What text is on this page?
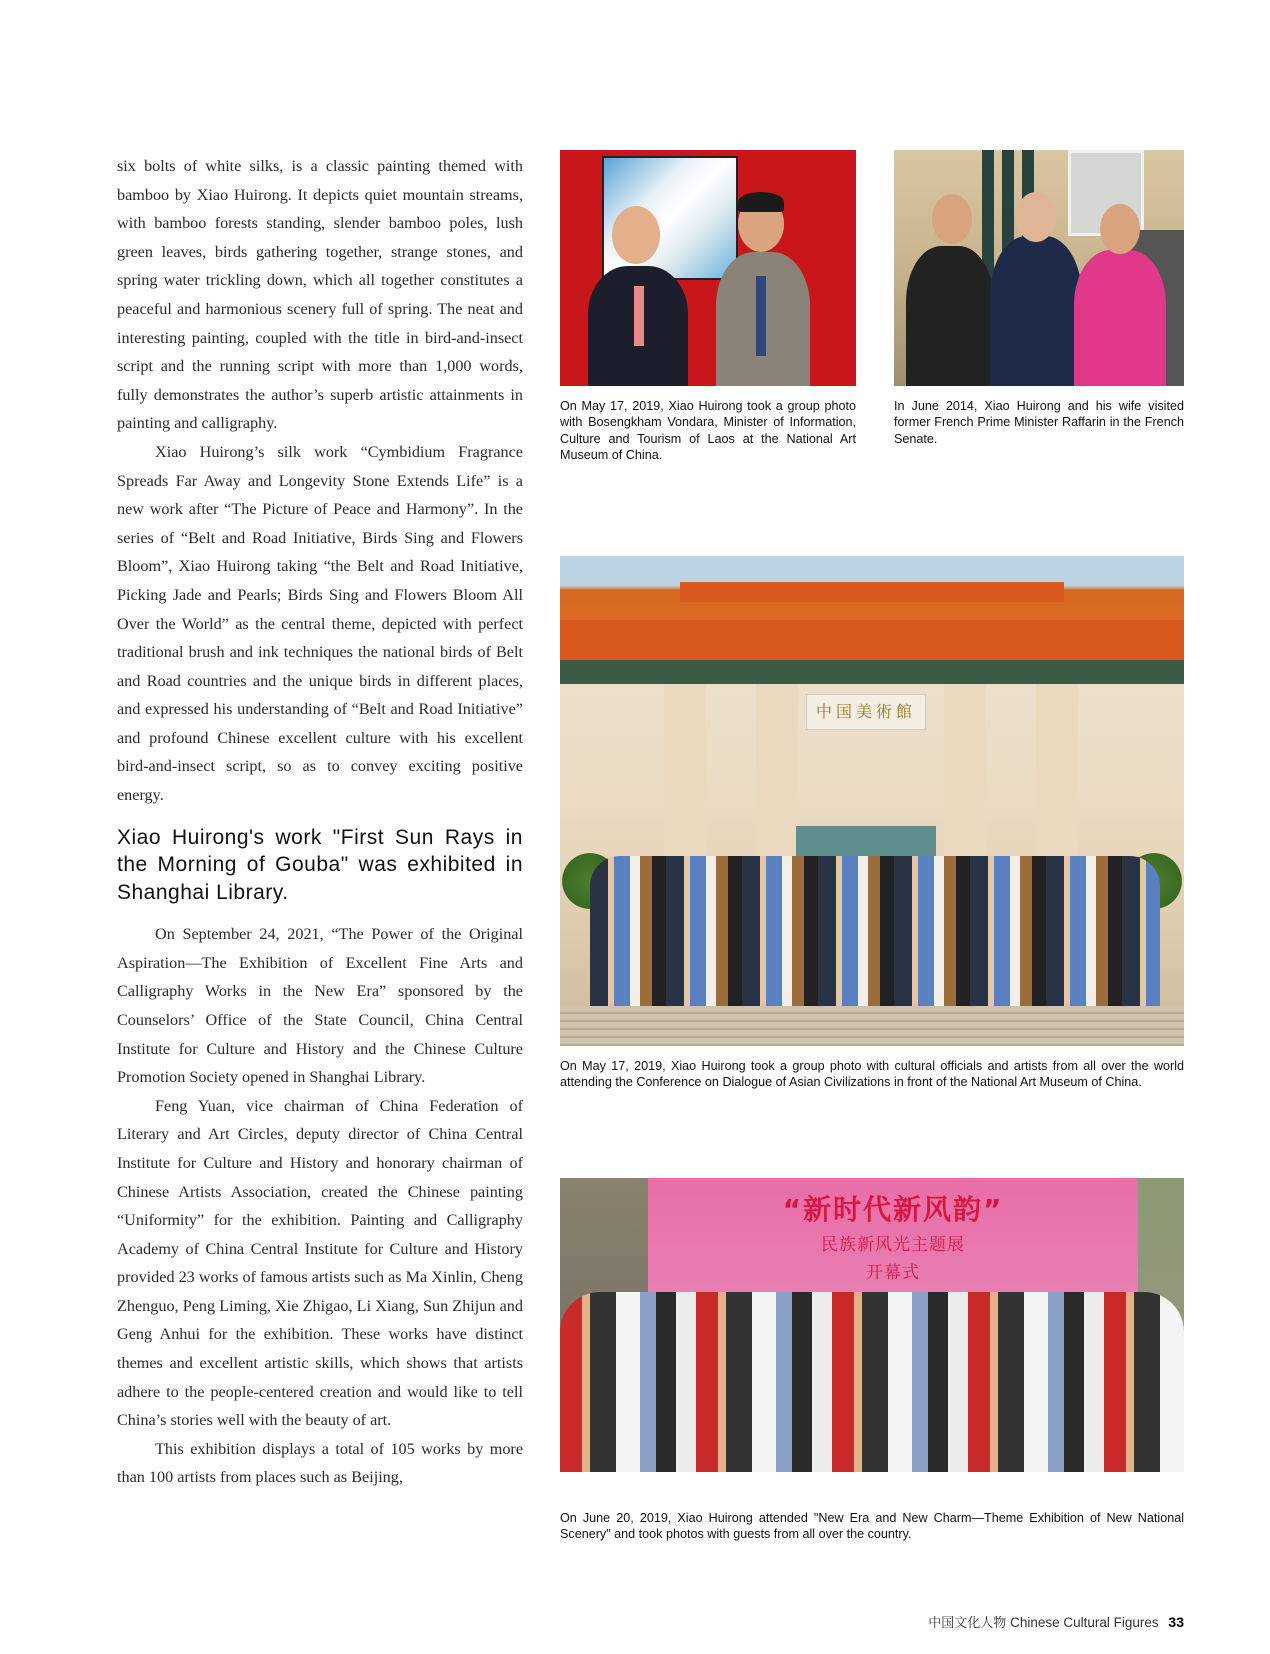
six bolts of white silks, is a classic painting themed with bamboo by Xiao Huirong. It depicts quiet mountain streams, with bamboo forests standing, slender bamboo poles, lush green leaves, birds gathering together, strange stones, and spring water trickling down, which all together constitutes a peaceful and harmonious scenery full of spring. The neat and interesting painting, coupled with the title in bird-and-insect script and the running script with more than 1,000 words, fully demonstrates the author’s superb artistic attainments in painting and calligraphy.

Xiao Huirong’s silk work “Cymbidium Fragrance Spreads Far Away and Longevity Stone Extends Life” is a new work after “The Picture of Peace and Harmony”. In the series of “Belt and Road Initiative, Birds Sing and Flowers Bloom”, Xiao Huirong taking “the Belt and Road Initiative, Picking Jade and Pearls; Birds Sing and Flowers Bloom All Over the World” as the central theme, depicted with perfect traditional brush and ink techniques the national birds of Belt and Road countries and the unique birds in different places, and expressed his understanding of “Belt and Road Initiative” and profound Chinese excellent culture with his excellent bird-and-insect script, so as to convey exciting positive energy.

Xiao Huirong's work "First Sun Rays in the Morning of Gouba" was exhibited in Shanghai Library.

On September 24, 2021, “The Power of the Original Aspiration—The Exhibition of Excellent Fine Arts and Calligraphy Works in the New Era” sponsored by the Counselors’ Office of the State Council, China Central Institute for Culture and History and the Chinese Culture Promotion Society opened in Shanghai Library.

Feng Yuan, vice chairman of China Federation of Literary and Art Circles, deputy director of China Central Institute for Culture and History and honorary chairman of Chinese Artists Association, created the Chinese painting “Uniformity” for the exhibition. Painting and Calligraphy Academy of China Central Institute for Culture and History provided 23 works of famous artists such as Ma Xinlin, Cheng Zhenguo, Peng Liming, Xie Zhigao, Li Xiang, Sun Zhijun and Geng Anhui for the exhibition. These works have distinct themes and excellent artistic skills, which shows that artists adhere to the people-centered creation and would like to tell China’s stories well with the beauty of art.

This exhibition displays a total of 105 works by more than 100 artists from places such as Beijing,

On May 17, 2019, Xiao Huirong took a group photo with Bosengkham Vondara, Minister of Information, Culture and Tourism of Laos at the National Art Museum of China.
In June 2014, Xiao Huirong and his wife visited former French Prime Minister Raffarin in the French Senate.
中国美術館
On May 17, 2019, Xiao Huirong took a group photo with cultural officials and artists from all over the world attending the Conference on Dialogue of Asian Civilizations in front of the National Art Museum of China.
“新时代新风韵”
民族新风光主题展
开幕式
On June 20, 2019, Xiao Huirong attended "New Era and New Charm—Theme Exhibition of New National Scenery" and took photos with guests from all over the country.
中国文化人物 Chinese Cultural Figures 33
